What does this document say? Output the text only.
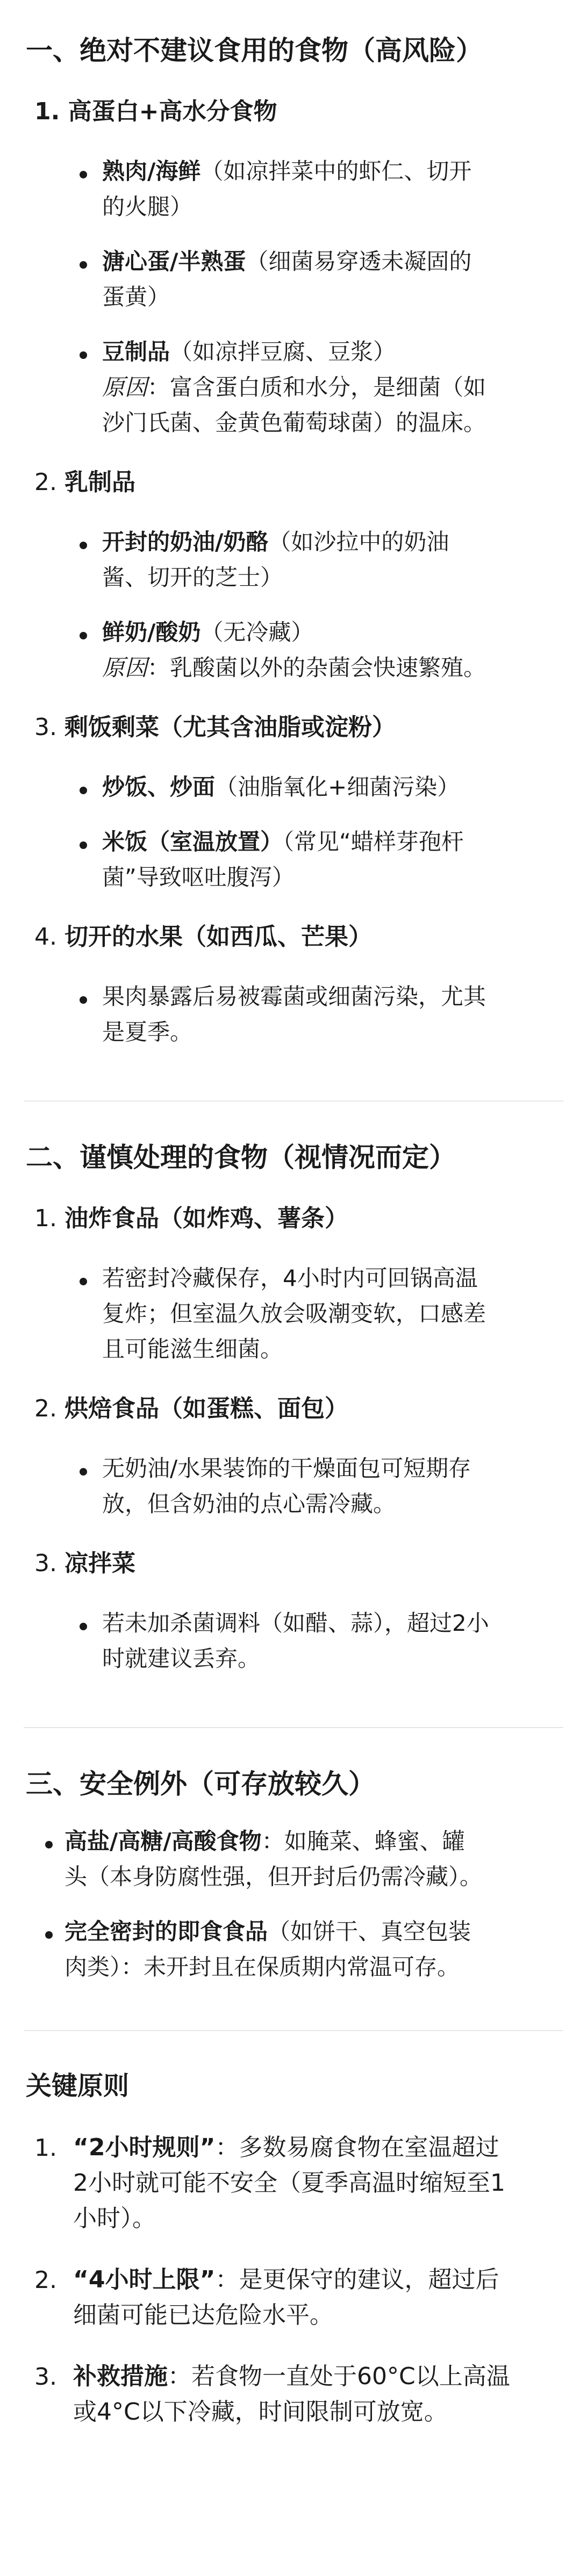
一、绝对不建议食用的食物（高风险）
1. 高蛋白+高水分食物
熟肉/海鲜（如凉拌菜中的虾仁、切开
的火腿）
溏心蛋/半熟蛋（细菌易穿透未凝固的
蛋黄）
豆制品（如凉拌豆腐、豆浆）
原因：富含蛋白质和水分，是细菌（如
沙门氏菌、金黄色葡萄球菌）的温床。
2. 乳制品
开封的奶油/奶酪（如沙拉中的奶油
酱、切开的芝士）
鲜奶/酸奶（无冷藏）
原因：乳酸菌以外的杂菌会快速繁殖。
3. 剩饭剩菜（尤其含油脂或淀粉）
炒饭、炒面（油脂氧化+细菌污染）
米饭（室温放置）（常见“蜡样芽孢杆
菌”导致呕吐腹泻）
4. 切开的水果（如西瓜、芒果）
果肉暴露后易被霉菌或细菌污染，尤其
是夏季。
二、谨慎处理的食物（视情况而定）
1. 油炸食品（如炸鸡、薯条）
若密封冷藏保存，4小时内可回锅高温
复炸；但室温久放会吸潮变软，口感差
且可能滋生细菌。
2. 烘焙食品（如蛋糕、面包）
无奶油/水果装饰的干燥面包可短期存
放，但含奶油的点心需冷藏。
3. 凉拌菜
若未加杀菌调料（如醋、蒜），超过2小
时就建议丢弃。
三、安全例外（可存放较久）
高盐/高糖/高酸食物：如腌菜、蜂蜜、罐
头（本身防腐性强，但开封后仍需冷藏）。
完全密封的即食食品（如饼干、真空包装
肉类）：未开封且在保质期内常温可存。
关键原则
1. “2小时规则”：多数易腐食物在室温超过
2小时就可能不安全（夏季高温时缩短至1
小时）。
2. “4小时上限”：是更保守的建议，超过后
细菌可能已达危险水平。
3. 补救措施：若食物一直处于60°C以上高温
或4°C以下冷藏，时间限制可放宽。
